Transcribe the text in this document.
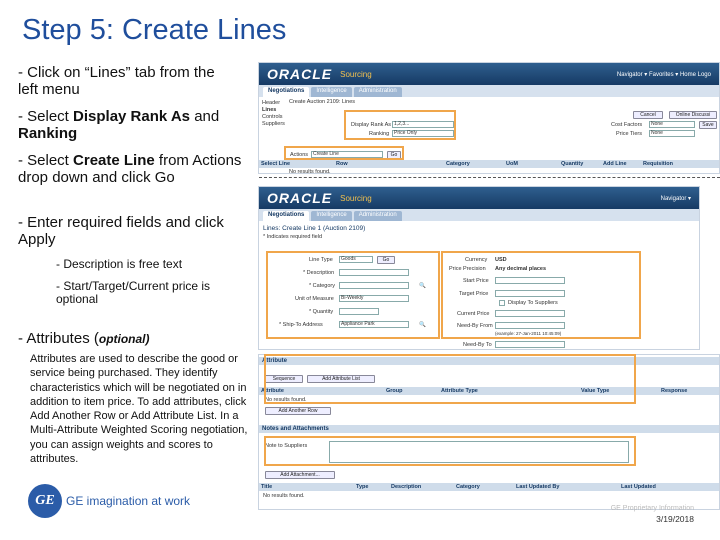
Step 5: Create Lines
- Click on “Lines” tab from the left menu
- Select Display Rank As and Ranking
- Select Create Line from Actions drop down and click Go
- Enter required fields and click Apply
- Description is free text
- Start/Target/Current price is optional
- Attributes (optional)
Attributes are used to describe the good or service being purchased. They identify characteristics which will be negotiated on in addition to item price. To add attributes, click Add Another Row or Add Attribute List. In a Multi-Attribute Weighted Scoring negotiation, you can assign weights and scores to attributes.
ORACLE Sourcing	Navigator ▾ Favorites ▾ Home Logo
Negotiations	Intelligence	Administration
Header
Lines
Controls
Suppliers
Create Auction 2109: Lines
Display Rank As 1,2,3...
Ranking Price Only
Cancel	Online Discussi
Cost Factors	None	Save
Price Tiers	None
Actions Create Line	Go
Select Line	Row	Category	UoM	Quantity	Add Line	Requisition
No results found.
ORACLE Sourcing	Navigator ▾
Negotiations	Intelligence	Administration
Lines: Create Line 1 (Auction 2109)
* Indicates required field
Line Type	Goods	Go
* Description
* Category	🔍
Unit of Measure	Bi-Weekly
* Quantity
* Ship-To Address	Appliance Park	🔍
Currency USD
Price Precision Any decimal places
Start Price
Target Price
Display To Suppliers
Current Price
Need-By From
(example: 27-Jan-2011 10:45:09)
Need-By To
Attribute
Sequence	Add Attribute List
Attribute	Group	Attribute Type	Value Type	Response
No results found.
Add Another Row
Notes and Attachments
Note to Suppliers
Add Attachment...
Title	Type	Description	Category	Last Updated By	Last Updated
No results found.
GE GE imagination at work
GE Proprietary Information
3/19/2018
